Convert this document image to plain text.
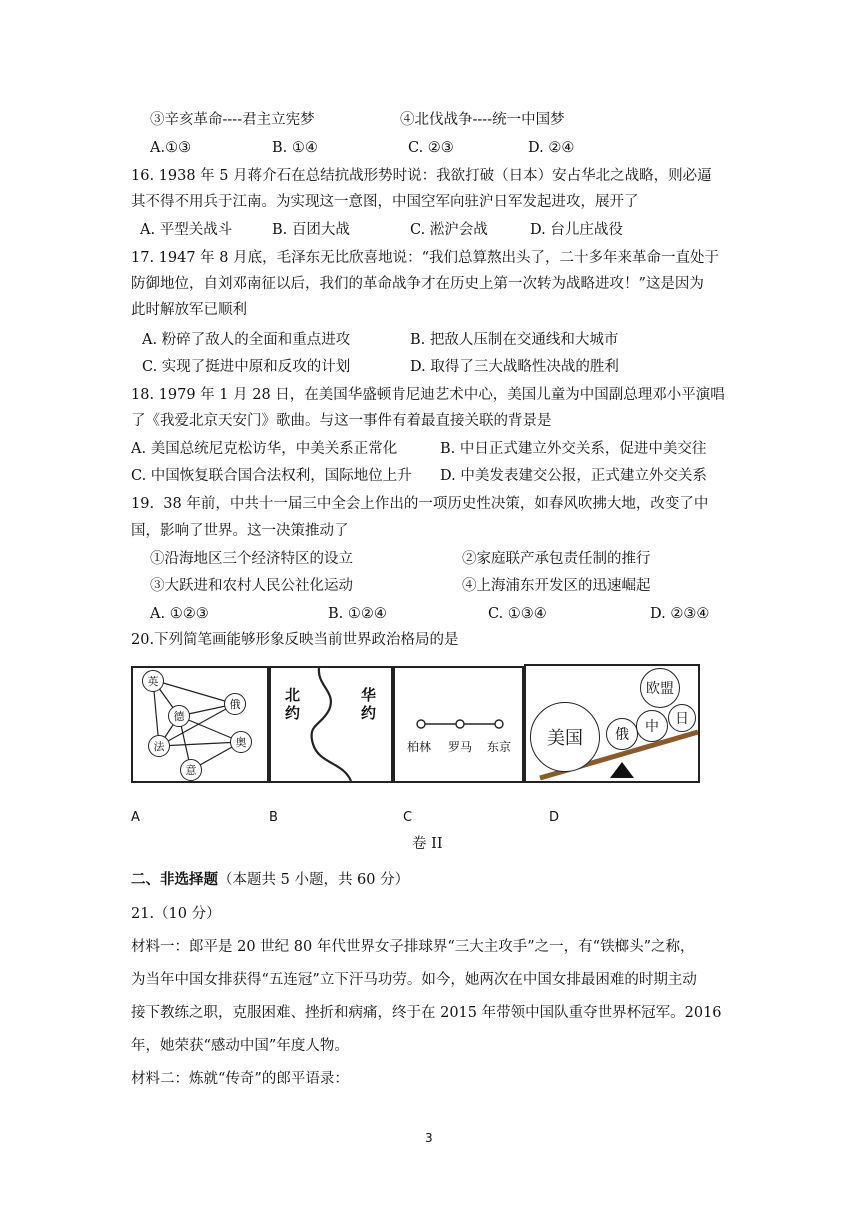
③辛亥革命----君主立宪梦	④北伐战争----统一中国梦
A.①③	B. ①④	C. ②③	D. ②④
16. 1938 年 5 月蒋介石在总结抗战形势时说：我欲打破（日本）安占华北之战略，则必逼
其不得不用兵于江南。为实现这一意图，中国空军向驻沪日军发起进攻，展开了
A. 平型关战斗	B. 百团大战	C. 淞沪会战	D. 台儿庄战役
17. 1947 年 8 月底，毛泽东无比欣喜地说：“我们总算熬出头了，二十多年来革命一直处于
防御地位，自刘邓南征以后，我们的革命战争才在历史上第一次转为战略进攻！”这是因为
此时解放军已顺利
A. 粉碎了敌人的全面和重点进攻	B. 把敌人压制在交通线和大城市
C. 实现了挺进中原和反攻的计划	D. 取得了三大战略性决战的胜利
18. 1979 年 1 月 28 日，在美国华盛顿肯尼迪艺术中心，美国儿童为中国副总理邓小平演唱
了《我爱北京天安门》歌曲。与这一事件有着最直接关联的背景是
A. 美国总统尼克松访华，中美关系正常化	B. 中日正式建立外交关系，促进中美交往
C. 中国恢复联合国合法权利，国际地位上升 D. 中美发表建交公报，正式建立外交关系
19.  38 年前，中共十一届三中全会上作出的一项历史性决策，如春风吹拂大地，改变了中
国，影响了世界。这一决策推动了
①沿海地区三个经济特区的设立	②家庭联产承包责任制的推行
③大跃进和农村人民公社化运动	④上海浦东开发区的迅速崛起
A. ①②③	B. ①②④	C. ①③④	D. ②③④
20.下列简笔画能够形象反映当前世界政治格局的是
英
俄
德
法	奥
意
北约
华约
柏林 罗马 东京	美国
欧盟
俄	中	日
A	B	C	D
卷 II
二、非选择题（本题共 5 小题，共 60 分）
21.（10 分）
材料一：郎平是 20 世纪 80 年代世界女子排球界“三大主攻手”之一，有“铁榔头”之称，
为当年中国女排获得“五连冠”立下汗马功劳。如今，她两次在中国女排最困难的时期主动
接下教练之职，克服困难、挫折和病痛，终于在 2015 年带领中国队重夺世界杯冠军。2016
年，她荣获“感动中国”年度人物。
材料二：炼就“传奇”的郎平语录：
3
